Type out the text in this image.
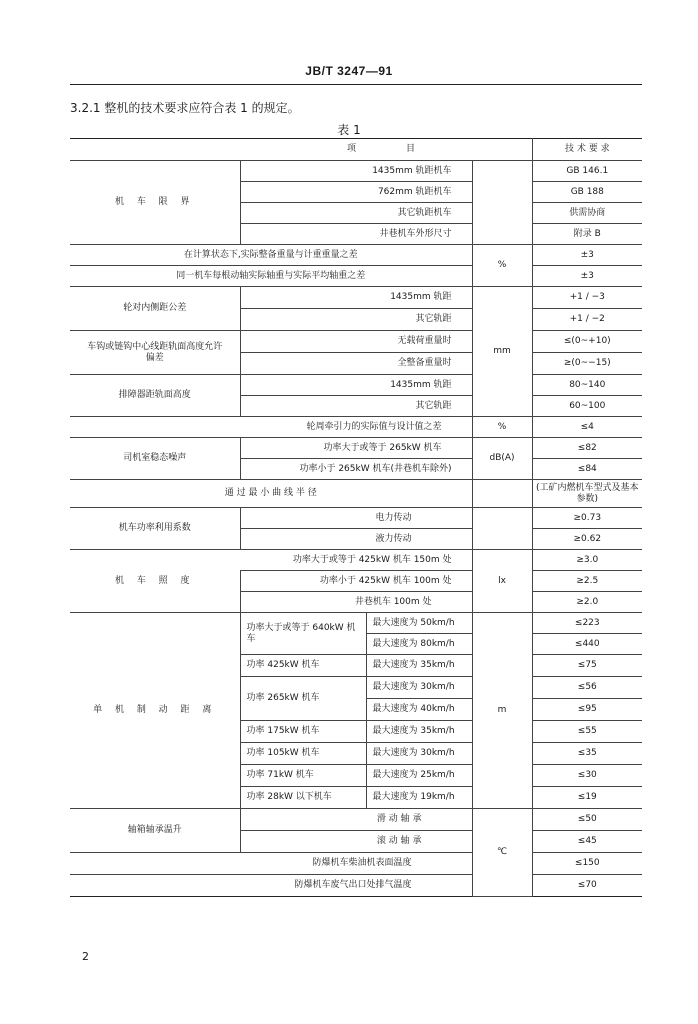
JB/T 3247—91
3.2.1 整机的技术要求应符合表 1 的规定。
表 1
项		目		技 术 要 求
机 车 限 界	1435mm 轨距机车			GB 146.1
	762mm 轨距机车			GB 188
	其它轨距机车			供需协商
	井巷机车外形尺寸			附录 B
在计算状态下,实际整备重量与计重重量之差			%	±3
同一机车每根动轴实际轴重与实际平均轴重之差				±3
轮对内侧距公差	1435mm 轨距		mm	+1 / −3
	其它轨距			+1 / −2
车钩或链钩中心线距轨面高度允许偏差	无载荷重量时			≤(0~+10)
	全整备重量时			≥(0~−15)
排障器距轨面高度	1435mm 轨距			80~140
	其它轨距			60~100
轮周牵引力的实际值与设计值之差			%	≤4
司机室稳态噪声	功率大于或等于 265kW 机车		dB(A)	≤82
	功率小于 265kW 机车(井巷机车除外)			≤84
通 过 最 小 曲 线 半 径				(工矿内燃机车型式及基本参数)
机车功率利用系数	电力传动			≥0.73
	液力传动			≥0.62
机 车 照 度	功率大于或等于 425kW 机车 150m 处		lx	≥3.0
	功率小于 425kW 机车 100m 处			≥2.5
	井巷机车 100m 处			≥2.0
单 机 制 动 距 离	功率大于或等于 640kW 机车	最大速度为 50km/h	m	≤223
		最大速度为 80km/h		≤440
	功率 425kW 机车	最大速度为 35km/h		≤75
	功率 265kW 机车	最大速度为 30km/h		≤56
		最大速度为 40km/h		≤95
	功率 175kW 机车	最大速度为 35km/h		≤55
	功率 105kW 机车	最大速度为 30km/h		≤35
	功率 71kW 机车	最大速度为 25km/h		≤30
	功率 28kW 以下机车	最大速度为 19km/h		≤19
轴箱轴承温升	滑 动 轴 承		℃	≤50
	滚 动 轴 承			≤45
防爆机车柴油机表面温度				≤150
防爆机车废气出口处排气温度				≤70
2
